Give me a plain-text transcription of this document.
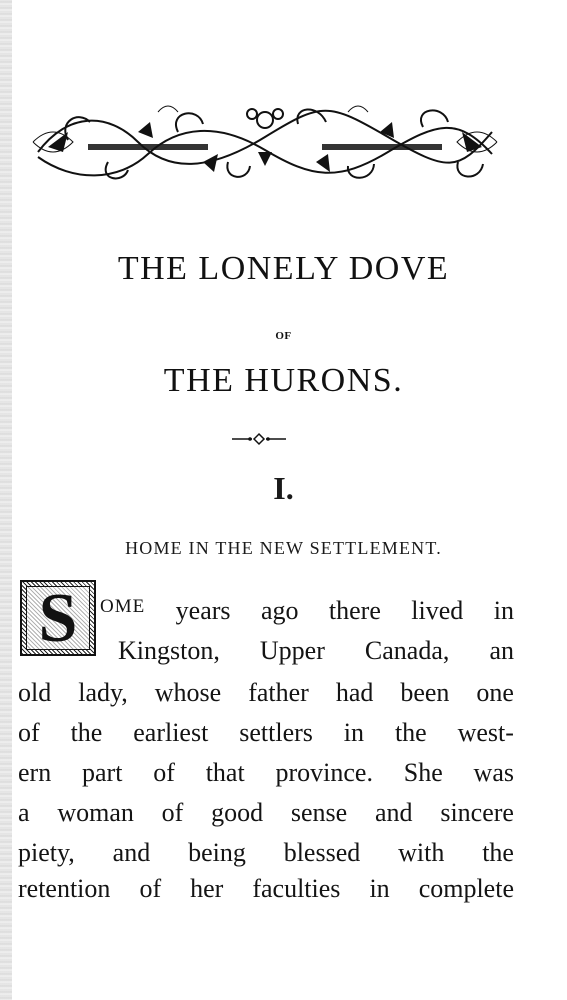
THE LONELY DOVE
OF
THE HURONS.
I.
HOME IN THE NEW SETTLEMENT.
S	OME years ago there lived in
Kingston, Upper Canada, an
old lady, whose father had been one
of the earliest settlers in the west-
ern part of that province. She was
a woman of good sense and sincere
piety, and being blessed with the
retention of her faculties in complete
